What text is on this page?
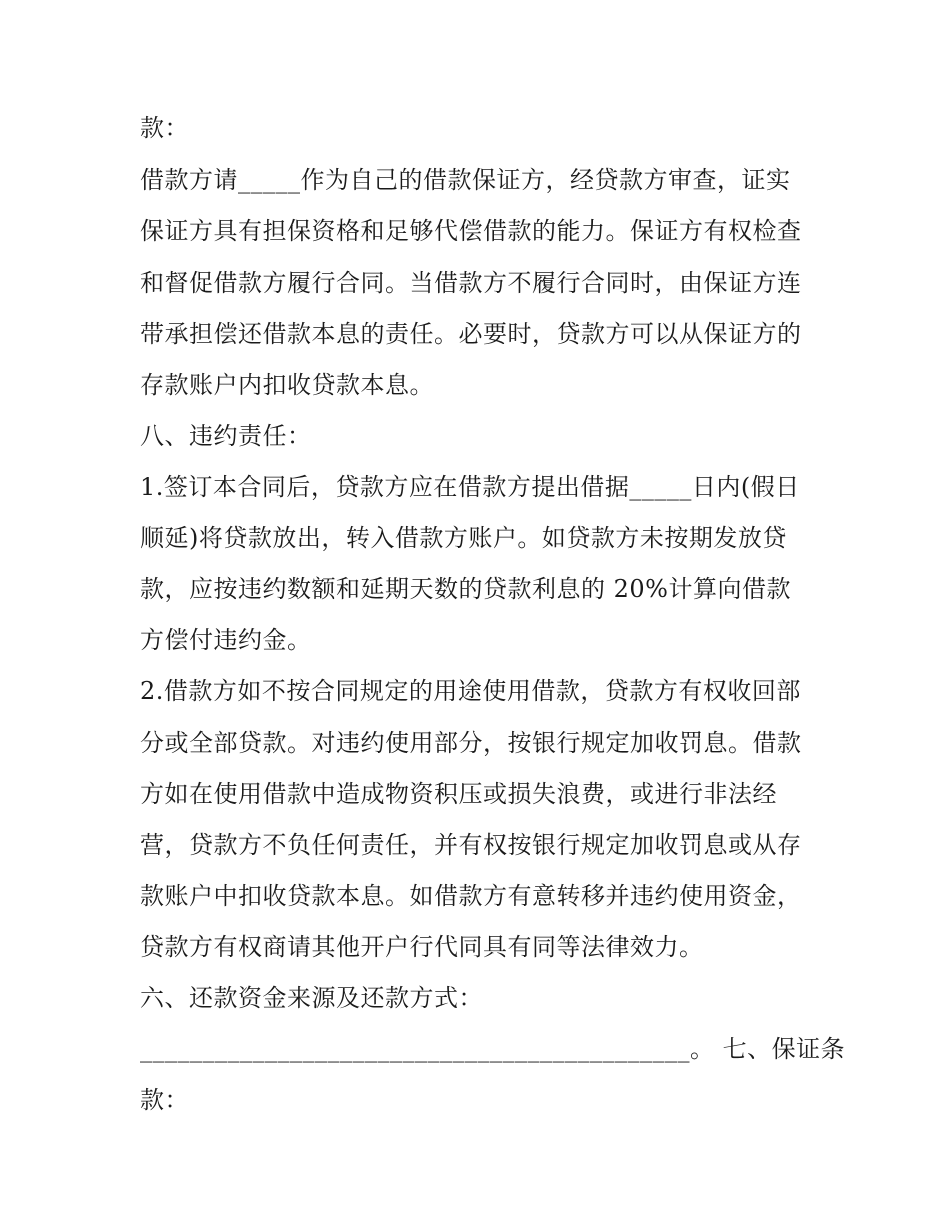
款：
借款方请_____作为自己的借款保证方，经贷款方审查，证实
保证方具有担保资格和足够代偿借款的能力。保证方有权检查
和督促借款方履行合同。当借款方不履行合同时，由保证方连
带承担偿还借款本息的责任。必要时，贷款方可以从保证方的
存款账户内扣收贷款本息。
八、违约责任：
1.签订本合同后，贷款方应在借款方提出借据_____日内(假日
顺延)将贷款放出，转入借款方账户。如贷款方未按期发放贷
款，应按违约数额和延期天数的贷款利息的 20%计算向借款
方偿付违约金。
2.借款方如不按合同规定的用途使用借款，贷款方有权收回部
分或全部贷款。对违约使用部分，按银行规定加收罚息。借款
方如在使用借款中造成物资积压或损失浪费，或进行非法经
营，贷款方不负任何责任，并有权按银行规定加收罚息或从存
款账户中扣收贷款本息。如借款方有意转移并违约使用资金，
贷款方有权商请其他开户行代同具有同等法律效力。
六、还款资金来源及还款方式：
____________________________________________。 七、保证条
款：
